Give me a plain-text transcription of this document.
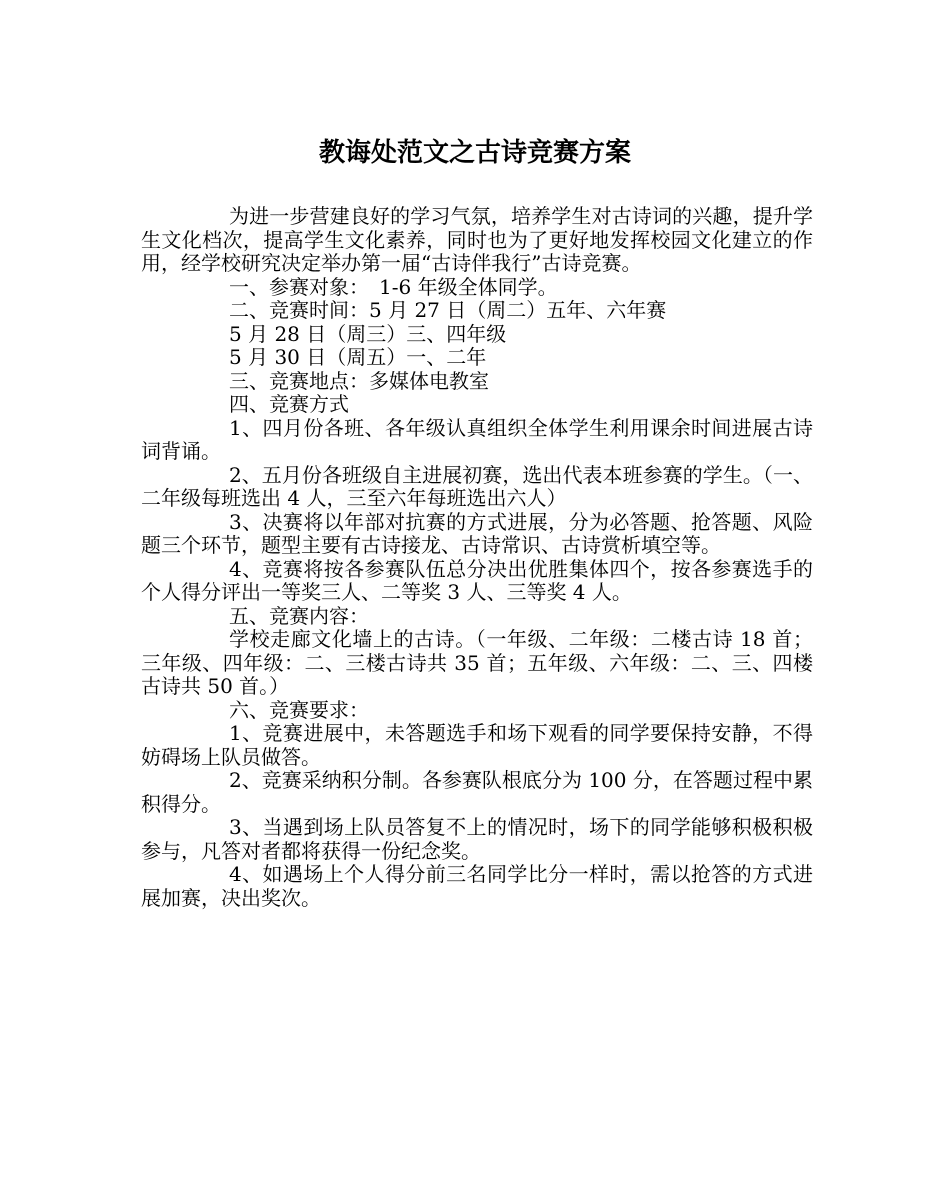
教诲处范文之古诗竞赛方案

为进一步营建良好的学习气氛，培养学生对古诗词的兴趣，提升学生文化档次，提高学生文化素养，同时也为了更好地发挥校园文化建立的作用，经学校研究决定举办第一届“古诗伴我行”古诗竞赛。

一、参赛对象：　1-6 年级全体同学。

二、竞赛时间：5 月 27 日（周二）五年、六年赛

5 月 28 日（周三）三、四年级

5 月 30 日（周五）一、二年

三、竞赛地点：多媒体电教室

四、竞赛方式

1、四月份各班、各年级认真组织全体学生利用课余时间进展古诗词背诵。

2、五月份各班级自主进展初赛，选出代表本班参赛的学生。（一、二年级每班选出 4 人，三至六年每班选出六人）

3、决赛将以年部对抗赛的方式进展，分为必答题、抢答题、风险题三个环节，题型主要有古诗接龙、古诗常识、古诗赏析填空等。

4、竞赛将按各参赛队伍总分决出优胜集体四个，按各参赛选手的个人得分评出一等奖三人、二等奖 3 人、三等奖 4 人。

五、竞赛内容：

学校走廊文化墙上的古诗。（一年级、二年级：二楼古诗 18 首；三年级、四年级：二、三楼古诗共 35 首；五年级、六年级：二、三、四楼古诗共 50 首。）

六、竞赛要求：

1、竞赛进展中，未答题选手和场下观看的同学要保持安静，不得妨碍场上队员做答。

2、竞赛采纳积分制。各参赛队根底分为 100 分，在答题过程中累积得分。

3、当遇到场上队员答复不上的情况时，场下的同学能够积极积极参与，凡答对者都将获得一份纪念奖。

4、如遇场上个人得分前三名同学比分一样时，需以抢答的方式进展加赛，决出奖次。
